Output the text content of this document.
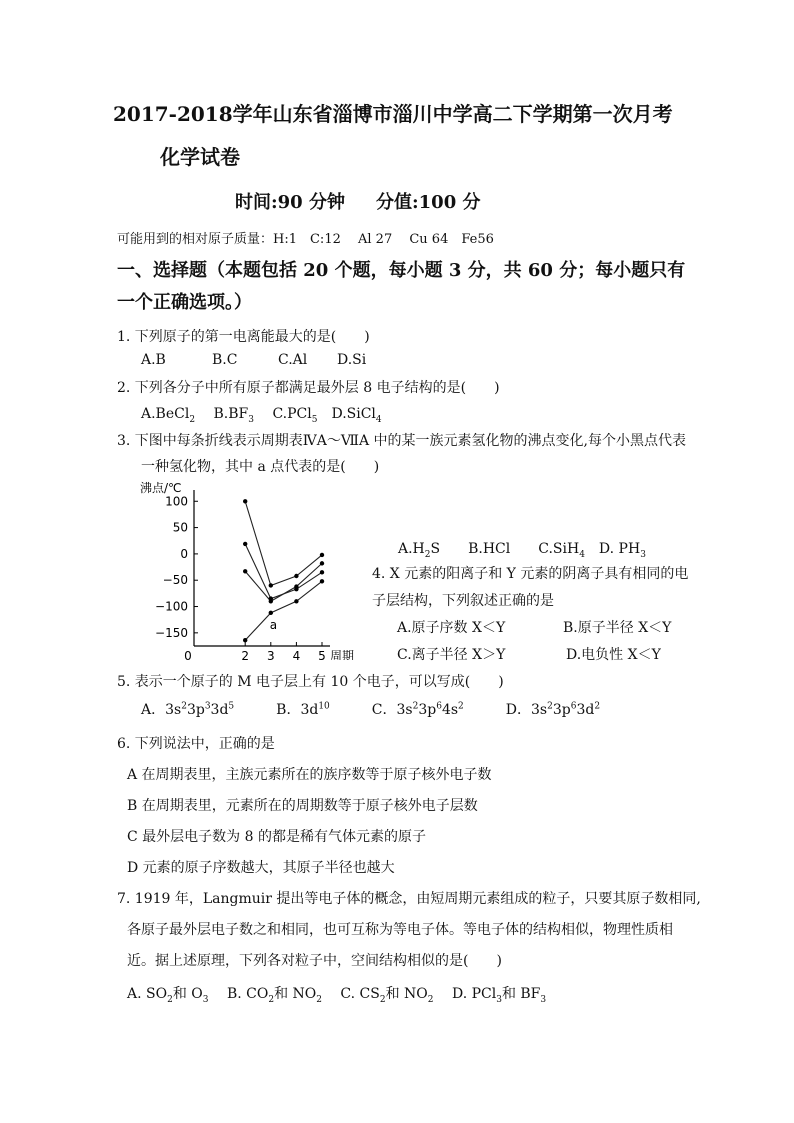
2017-2018学年山东省淄博市淄川中学高二下学期第一次月考
化学试卷
时间:90 分钟 分值:100 分
可能用到的相对原子质量：H:1　C:12　 Al 27　 Cu 64　Fe56
一、选择题（本题包括 20 个题，每小题 3 分，共 60 分；每小题只有
一个正确选项。）
1. 下列原子的第一电离能最大的是(　　)
A.B	B.C	C.Al D.Si
2. 下列各分子中所有原子都满足最外层 8 电子结构的是(　　)
A.BeCl$_2$　 $B.BF_3$　 C.PCl$_5$　D.SiCl$_4$
3. 下图中每条折线表示周期表ⅣA～ⅦA 中的某一族元素氢化物的沸点变化,每个小黑点代表
一种氢化物，其中 a 点代表的是(　　)
沸点/℃
100
50
0
−50
−100
−150
0	2 3 4 5
a
周期
$A.H_2S$　　B.HCl　　C.SiH$_4$　D. $PH_3$
4. X 元素的阳离子和 Y 元素的阴离子具有相同的电
子层结构，下列叙述正确的是
A.原子序数 X＜Y	B.原子半径 X＜Y
C.离子半径 X＞Y	D.电负性 X＜Y
5. 表示一个原子的 M 电子层上有 10 个电子，可以写成(　　)
A．$3s^23p^33d^5$　　　B．$3d^{10}$　　　C．$3s^23p^64s^2$　　　D．$3s^23p^63d^2$
6. 下列说法中，正确的是
A 在周期表里，主族元素所在的族序数等于原子核外电子数
B 在周期表里，元素所在的周期数等于原子核外电子层数
C 最外层电子数为 8 的都是稀有气体元素的原子
D 元素的原子序数越大，其原子半径也越大
7. 1919 年，Langmuir 提出等电子体的概念，由短周期元素组成的粒子，只要其原子数相同,
各原子最外层电子数之和相同，也可互称为等电子体。等电子体的结构相似，物理性质相
近。据上述原理，下列各对粒子中，空间结构相似的是(　　)
A. $SO_2$和 $O_3$　 B. $CO_2$和 $NO_2$　 C. $CS_2$和 $NO_2$　 D. PCl$_3$和 $BF_3$
